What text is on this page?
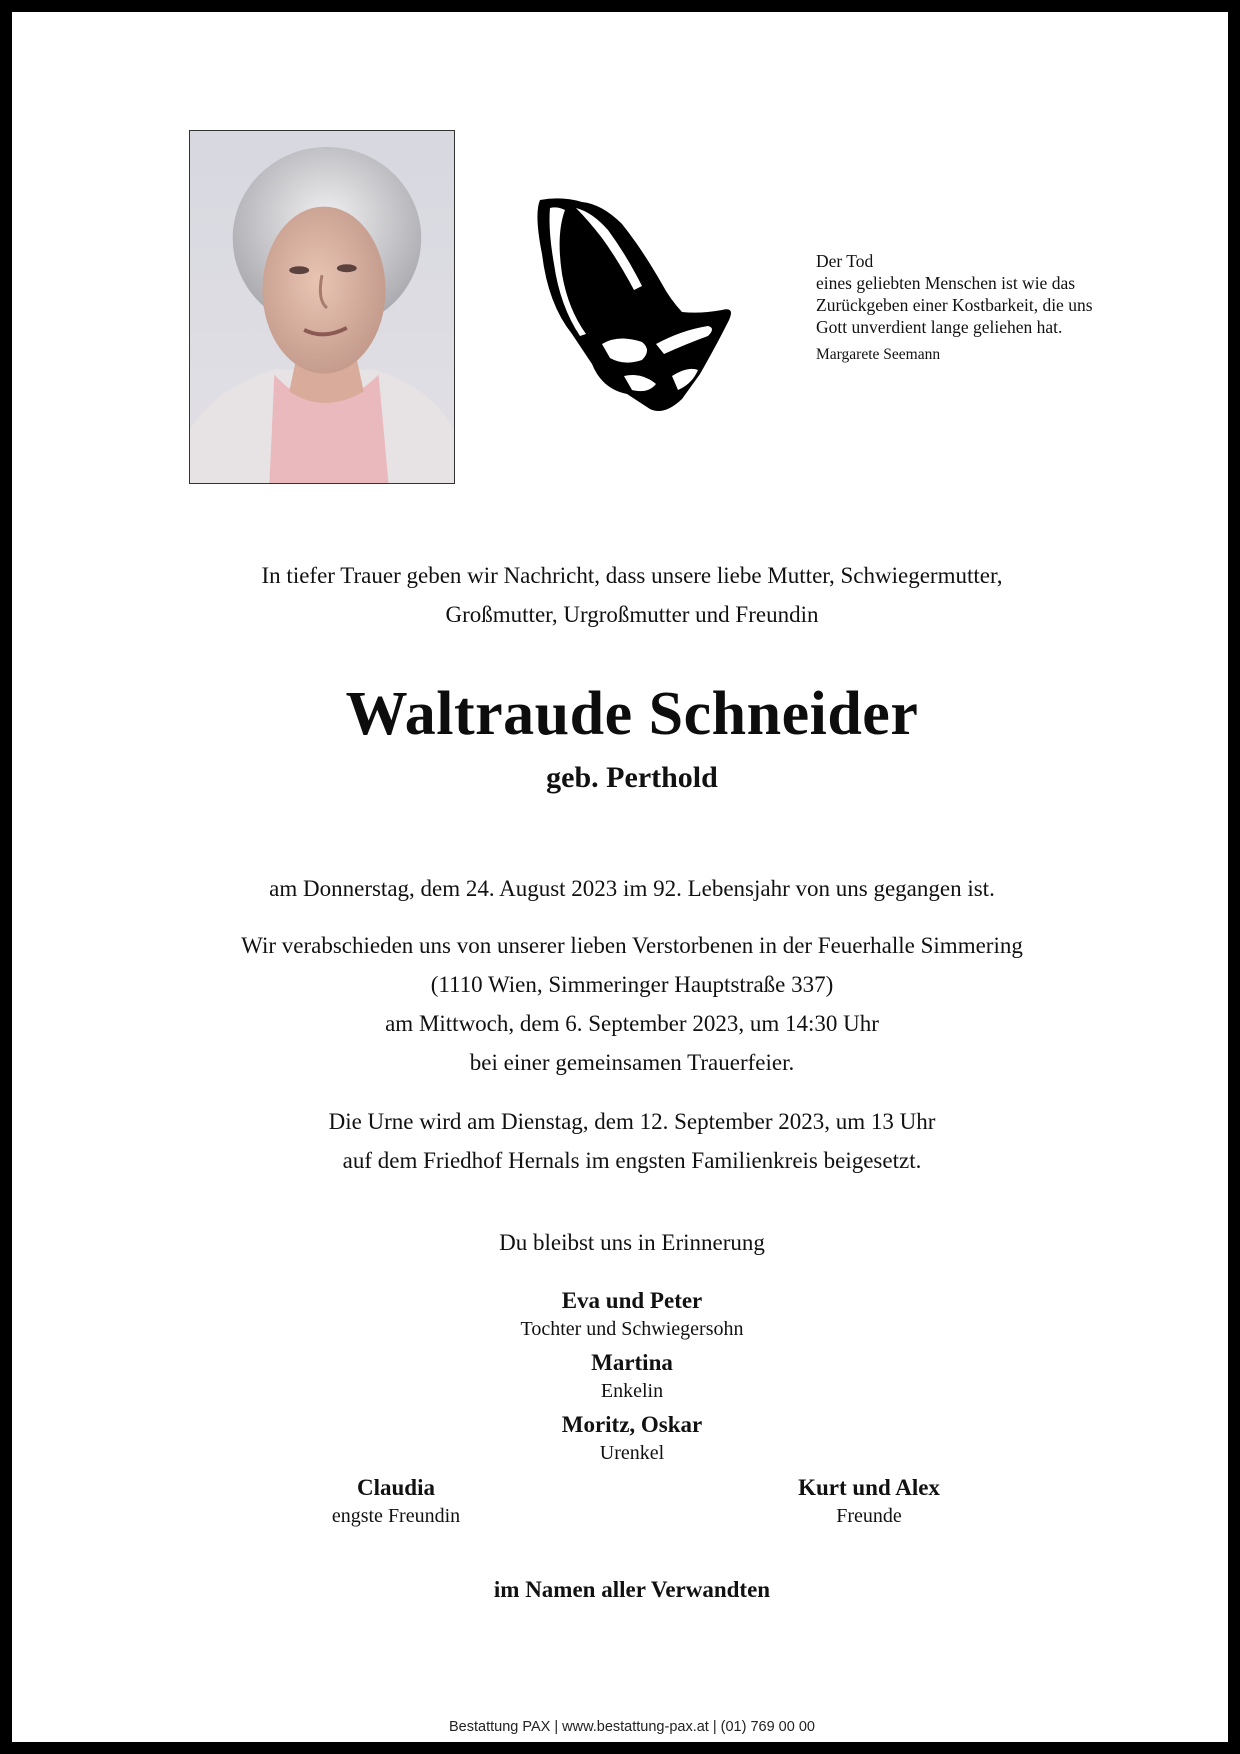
Der Tod
eines geliebten Menschen ist wie das
Zurückgeben einer Kostbarkeit, die uns
Gott unverdient lange geliehen hat.
Margarete Seemann
In tiefer Trauer geben wir Nachricht, dass unsere liebe Mutter, Schwiegermutter,
Großmutter, Urgroßmutter und Freundin
Waltraude Schneider
geb. Perthold
am Donnerstag, dem 24. August 2023 im 92. Lebensjahr von uns gegangen ist.
Wir verabschieden uns von unserer lieben Verstorbenen in der Feuerhalle Simmering
(1110 Wien, Simmeringer Hauptstraße 337)
am Mittwoch, dem 6. September 2023, um 14:30 Uhr
bei einer gemeinsamen Trauerfeier.
Die Urne wird am Dienstag, dem 12. September 2023, um 13 Uhr
auf dem Friedhof Hernals im engsten Familienkreis beigesetzt.
Du bleibst uns in Erinnerung
Eva und Peter
Tochter und Schwiegersohn
Martina
Enkelin
Moritz, Oskar
Urenkel
Claudia
engste Freundin
Kurt und Alex
Freunde
im Namen aller Verwandten
Bestattung PAX | www.bestattung-pax.at | (01) 769 00 00
